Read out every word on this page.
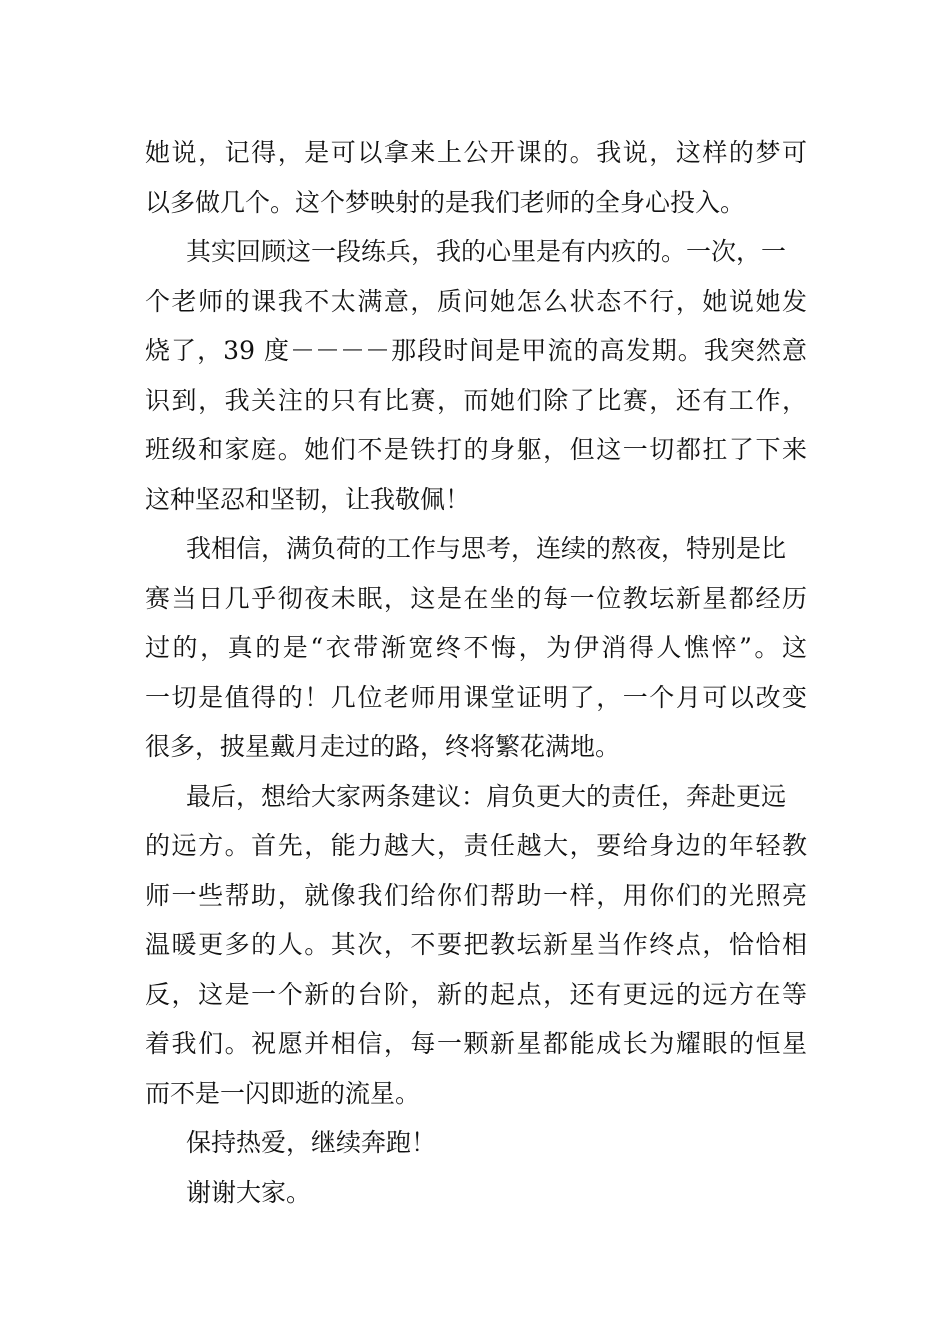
她说，记得，是可以拿来上公开课的。我说，这样的梦可
以多做几个。这个梦映射的是我们老师的全身心投入。
其实回顾这一段练兵，我的心里是有内疚的。一次，一
个老师的课我不太满意，质问她怎么状态不行，她说她发
烧了，39 度－－－－那段时间是甲流的高发期。我突然意
识到，我关注的只有比赛，而她们除了比赛，还有工作，
班级和家庭。她们不是铁打的身躯，但这一切都扛了下来
这种坚忍和坚韧，让我敬佩！
我相信，满负荷的工作与思考，连续的熬夜，特别是比
赛当日几乎彻夜未眠，这是在坐的每一位教坛新星都经历
过的，真的是“衣带渐宽终不悔，为伊消得人憔悴”。这
一切是值得的！几位老师用课堂证明了，一个月可以改变
很多，披星戴月走过的路，终将繁花满地。
最后，想给大家两条建议：肩负更大的责任，奔赴更远
的远方。首先，能力越大，责任越大，要给身边的年轻教
师一些帮助，就像我们给你们帮助一样，用你们的光照亮
温暖更多的人。其次，不要把教坛新星当作终点，恰恰相
反，这是一个新的台阶，新的起点，还有更远的远方在等
着我们。祝愿并相信，每一颗新星都能成长为耀眼的恒星
而不是一闪即逝的流星。
保持热爱，继续奔跑！
谢谢大家。
